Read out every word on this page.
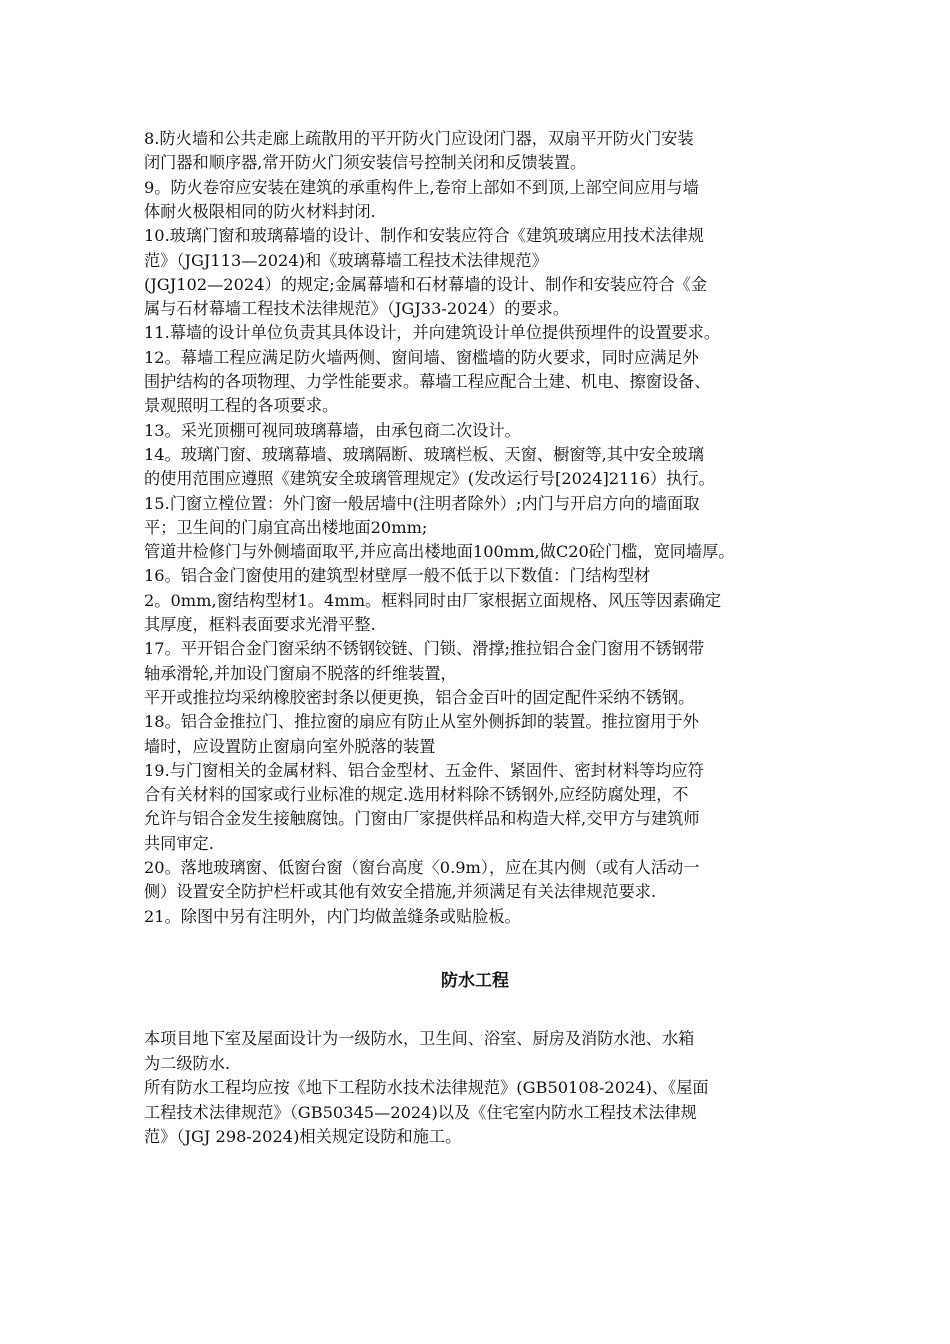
8.防火墙和公共走廊上疏散用的平开防火门应设闭门器，双扇平开防火门安装

闭门器和顺序器,常开防火门须安装信号控制关闭和反馈装置。

9。防火卷帘应安装在建筑的承重构件上,卷帘上部如不到顶,上部空间应用与墙

体耐火极限相同的防火材料封闭.

10.玻璃门窗和玻璃幕墙的设计、制作和安装应符合《建筑玻璃应用技术法律规

范》（JGJ113—2024)和《玻璃幕墙工程技术法律规范》

(JGJ102—2024）的规定;金属幕墙和石材幕墙的设计、制作和安装应符合《金

属与石材幕墙工程技术法律规范》（JGJ33-2024）的要求。

11.幕墙的设计单位负责其具体设计，并向建筑设计单位提供预埋件的设置要求。

12。幕墙工程应满足防火墙两侧、窗间墙、窗槛墙的防火要求，同时应满足外

围护结构的各项物理、力学性能要求。幕墙工程应配合土建、机电、擦窗设备、

景观照明工程的各项要求。

13。采光顶棚可视同玻璃幕墙，由承包商二次设计。

14。玻璃门窗、玻璃幕墙、玻璃隔断、玻璃栏板、天窗、橱窗等,其中安全玻璃

的使用范围应遵照《建筑安全玻璃管理规定》(发改运行号[2024]2116）执行。

15.门窗立樘位置：外门窗一般居墙中(注明者除外）;内门与开启方向的墙面取

平；卫生间的门扇宜高出楼地面20mm;

管道井检修门与外侧墙面取平,并应高出楼地面100mm,做C20砼门槛，宽同墙厚。

16。铝合金门窗使用的建筑型材壁厚一般不低于以下数值：门结构型材

2。0mm,窗结构型材1。4mm。框料同时由厂家根据立面规格、风压等因素确定

其厚度，框料表面要求光滑平整.

17。平开铝合金门窗采纳不锈钢铰链、门锁、滑撑;推拉铝合金门窗用不锈钢带

轴承滑轮,并加设门窗扇不脱落的纤维装置，

平开或推拉均采纳橡胶密封条以便更换，铝合金百叶的固定配件采纳不锈钢。

18。铝合金推拉门、推拉窗的扇应有防止从室外侧拆卸的装置。推拉窗用于外

墙时，应设置防止窗扇向室外脱落的装置

19.与门窗相关的金属材料、铝合金型材、五金件、紧固件、密封材料等均应符

合有关材料的国家或行业标准的规定.选用材料除不锈钢外,应经防腐处理，不

允许与铝合金发生接触腐蚀。门窗由厂家提供样品和构造大样,交甲方与建筑师

共同审定.

20。落地玻璃窗、低窗台窗（窗台高度〈0.9m），应在其内侧（或有人活动一

侧）设置安全防护栏杆或其他有效安全措施,并须满足有关法律规范要求.

21。除图中另有注明外，内门均做盖缝条或贴脸板。

防水工程

本项目地下室及屋面设计为一级防水，卫生间、浴室、厨房及消防水池、水箱

为二级防水.

所有防水工程均应按《地下工程防水技术法律规范》(GB50108-2024)、《屋面

工程技术法律规范》（GB50345—2024)以及《住宅室内防水工程技术法律规

范》（JGJ 298-2024)相关规定设防和施工。
